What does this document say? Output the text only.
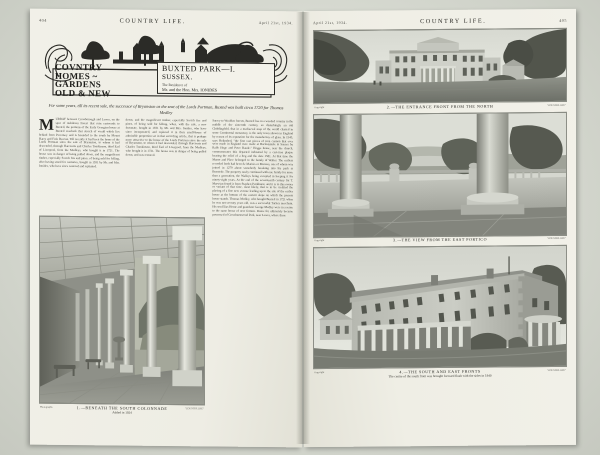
404	COUNTRY LIFE.	April 21st, 1934.
COVNTRY
HOMES ~
GARDENS
OLD & NEW
BUXTED PARK—I.
SUSSEX.
The Residence of
Mr. and the Hon. Mrs. IONIDES
For some years, till its recent sale, the successor of Bryanston as the seat of the Lords Portman, Buxted was built circa 1720 for Thomas Medley
MURRAY between Crowborough and Lewes, on the spur of Ashdown Forest that runs eastwards to Buxted, the portions of the Early Georgian house at Buxted overlook that stretch of weald which lies behind from Pevensey and is bounded to the south by Mount Harry and Firle Beacon. Till recently it had been the home of the Lords Portman since the sale of Bryanston, to whom it had descended, through Harcourts and Charles Tomkinson, third Earl of Liverpool, from the Medleys, who bought it in 1721. The house was in danger of being pulled down, and the magnificent timber, especially Scotch firs and pines, of being sold for felling, after having stood for centuries, bought in 1931 by Mr. and Mrs. Ionides, who have since restored and replanted.
down, and the magnificent timber, especially Scotch firs and pines, of being sold for felling, when, with the sale, a new fortunate, bought in 1931 by Mr. and Mrs. Ionides, who have since incorporated, and replaced it in their small-house of admirable proportion set in that encircling article, that is perhaps more attractive to the house of the Lords Portman since the sale of Bryanston, to whom it had descended, through Harcourts and Charles Tomkinson, third Earl of Liverpool, from the Medleys, who bought it in 1721. The house was in danger of being pulled down, and was restored.
Surrey to Wealden forests, Buxted lies in a wooded country in the middle of the sixteenth century, so disturbingly an old Chiddingfold, that in a mediaeval map of the world charted in some Continental monastery, is the only town shown in England by reason of its reputation for the manufacture of glass. In 1543, says Holinshed, "the first cast pieces of iron cannon that ever were made in England were made at Buckstanisle in Sussex by Ralfe Hoge and Peter Baude." Hoggs house, near the church, commemorates this departed industrial by a cast-iron plaque bearing the relief of a hog and the date 1581. At that time the Manor and Place belonged to the family of Walter. The earliest recorded lords had been de Marisis or Marwes, one of whom was joined in 1279 about somebody breaking into his park at Buxstede. The property rarely continued with one family for more than a generation, the Walleys being excepted in keeping it for ninety-eight years. At the end of the seventeenth century Sir T. Marwian found it from Stephen Penkhurst, and it is to this owner or variant of that time, most likely, that is to be credited the placing of a fine new avenue leading up to the site of the earlier house at the bottom of the eastern slope on which the present house stands. Thomas Medley, who bought Buxted in 1721 when he was not seventy years old, was a successful Turkey merchant. His son Elias Horne and grandson George Medley were in a sense to the same house of new fortune. Rome for ultimately became possessed of Crowhurstwood Park, near Lewes, where these
Photographs	"COUNTRY LIFE"
1.—BENEATH THE SOUTH COLONNADE
Added in 1924
April 21st, 1934.	COUNTRY LIFE.	405
Copyright
"COUNTRY LIFE"
2.—THE ENTRANCE FRONT FROM THE NORTH
Copyright
"COUNTRY LIFE"
3.—THE VIEW FROM THE EAST PORTICO
Copyright
"COUNTRY LIFE"
4.—THE SOUTH AND EAST FRONTS
The centre of the south front was brought forward flush with the sides in 1840
